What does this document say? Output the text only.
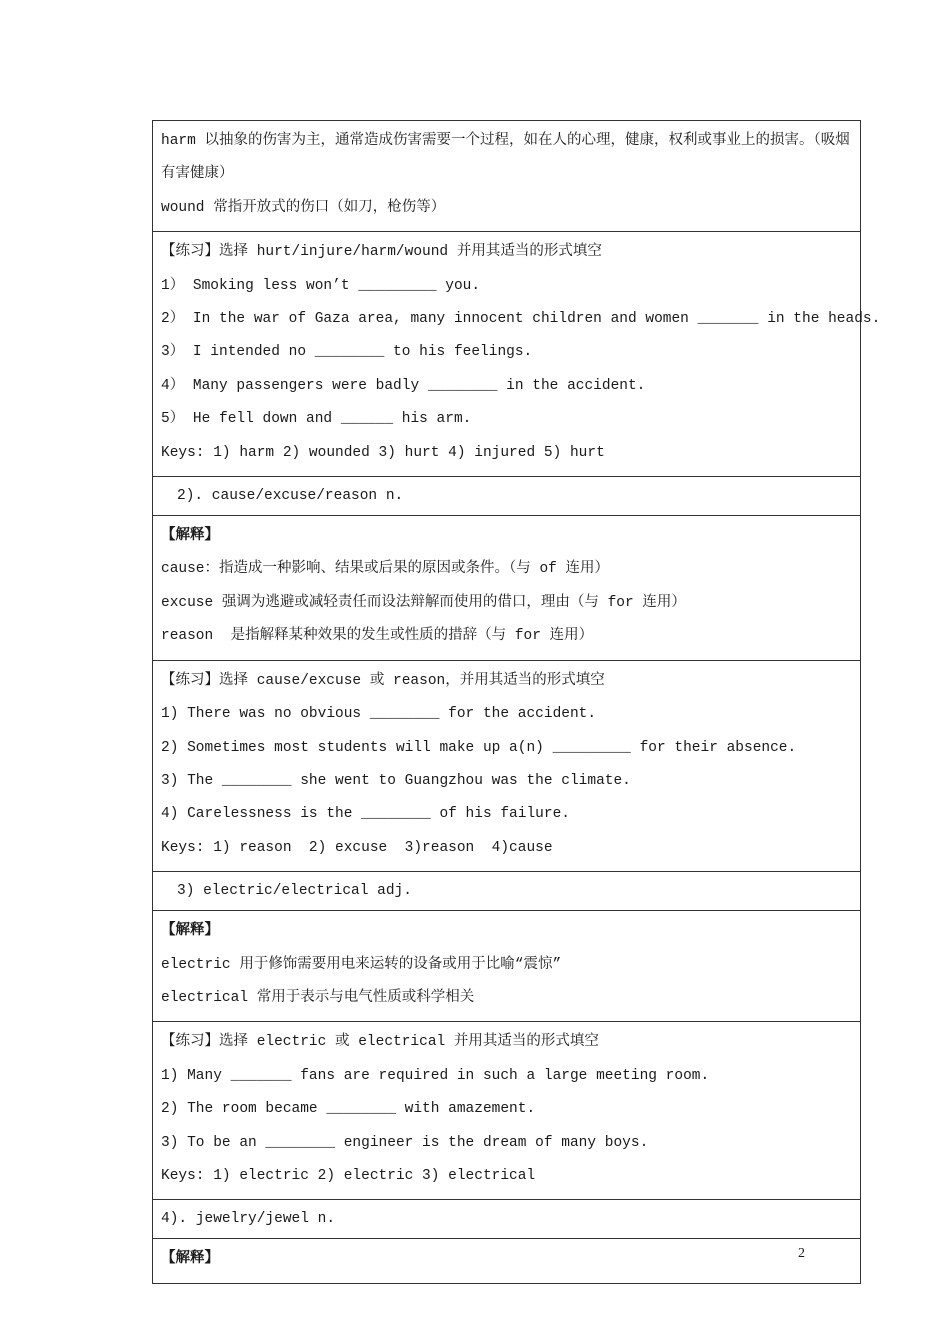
harm 以抽象的伤害为主，通常造成伤害需要一个过程，如在人的心理，健康，权利或事业上的损害。（吸烟有害健康）
wound 常指开放式的伤口（如刀，枪伤等）
【练习】选择 hurt/injure/harm/wound 并用其适当的形式填空
1） Smoking less won’t _________ you.
2） In the war of Gaza area, many innocent children and women _______ in the heads.
3） I intended no ________ to his feelings.
4） Many passengers were badly ________ in the accident.
5） He fell down and ______ his arm.
Keys: 1) harm 2) wounded 3) hurt 4) injured 5) hurt
2). cause/excuse/reason n.
【解释】
cause：指造成一种影响、结果或后果的原因或条件。（与 of 连用）
excuse 强调为逃避或减轻责任而设法辩解而使用的借口，理由（与 for 连用）
reason  是指解释某种效果的发生或性质的措辞（与 for 连用）
【练习】选择 cause/excuse 或 reason，并用其适当的形式填空
1) There was no obvious ________ for the accident.
2) Sometimes most students will make up a(n) _________ for their absence.
3) The ________ she went to Guangzhou was the climate.
4) Carelessness is the ________ of his failure.
Keys: 1) reason  2) excuse  3)reason  4)cause
3) electric/electrical adj.
【解释】
electric 用于修饰需要用电来运转的设备或用于比喻“震惊”
electrical 常用于表示与电气性质或科学相关
【练习】选择 electric 或 electrical 并用其适当的形式填空
1) Many _______ fans are required in such a large meeting room.
2) The room became ________ with amazement.
3) To be an ________ engineer is the dream of many boys.
Keys: 1) electric 2) electric 3) electrical
4). jewelry/jewel n.
【解释】	2
